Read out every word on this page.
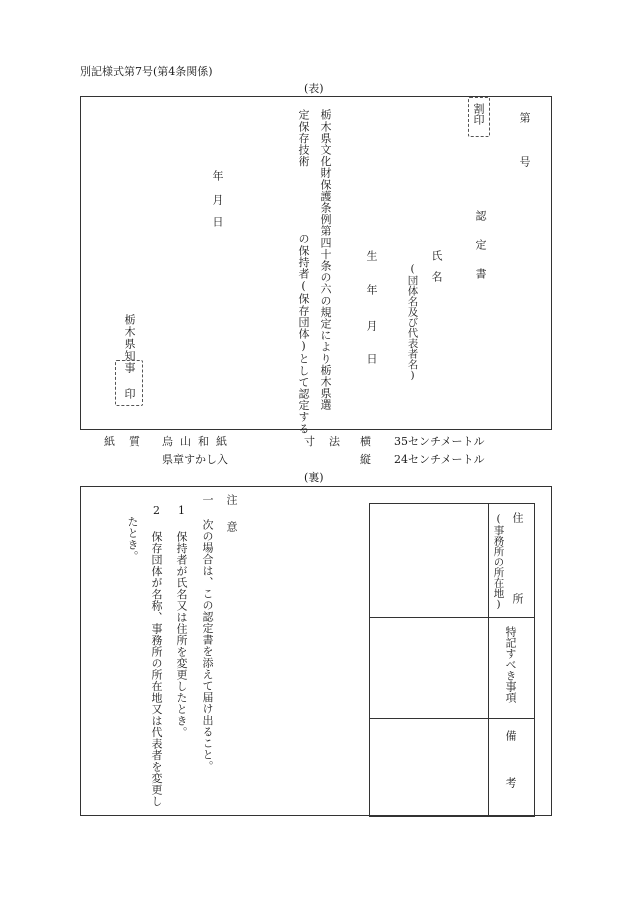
別記様式第7号(第4条関係)
(表)
第
号
割印
認定書
氏名
(団体名及び代表者名)
生
年
月
日
栃木県文化財保護条例第四十条の六の規定により栃木県選
定保存技術
の保持者(保存団体)として認定する
年
月
日
栃木県知事
印
紙質 烏山和紙	寸法 横 35センチメートル
県章すかし入	縦 24センチメートル
(裏)
住所
(事務所の所在地)
特記すべき事項
備考
注意
一
次の場合は、この認定書を添えて届け出ること。
1
保持者が氏名又は住所を変更したとき。
2
保存団体が名称、事務所の所在地又は代表者を変更し
たとき。
